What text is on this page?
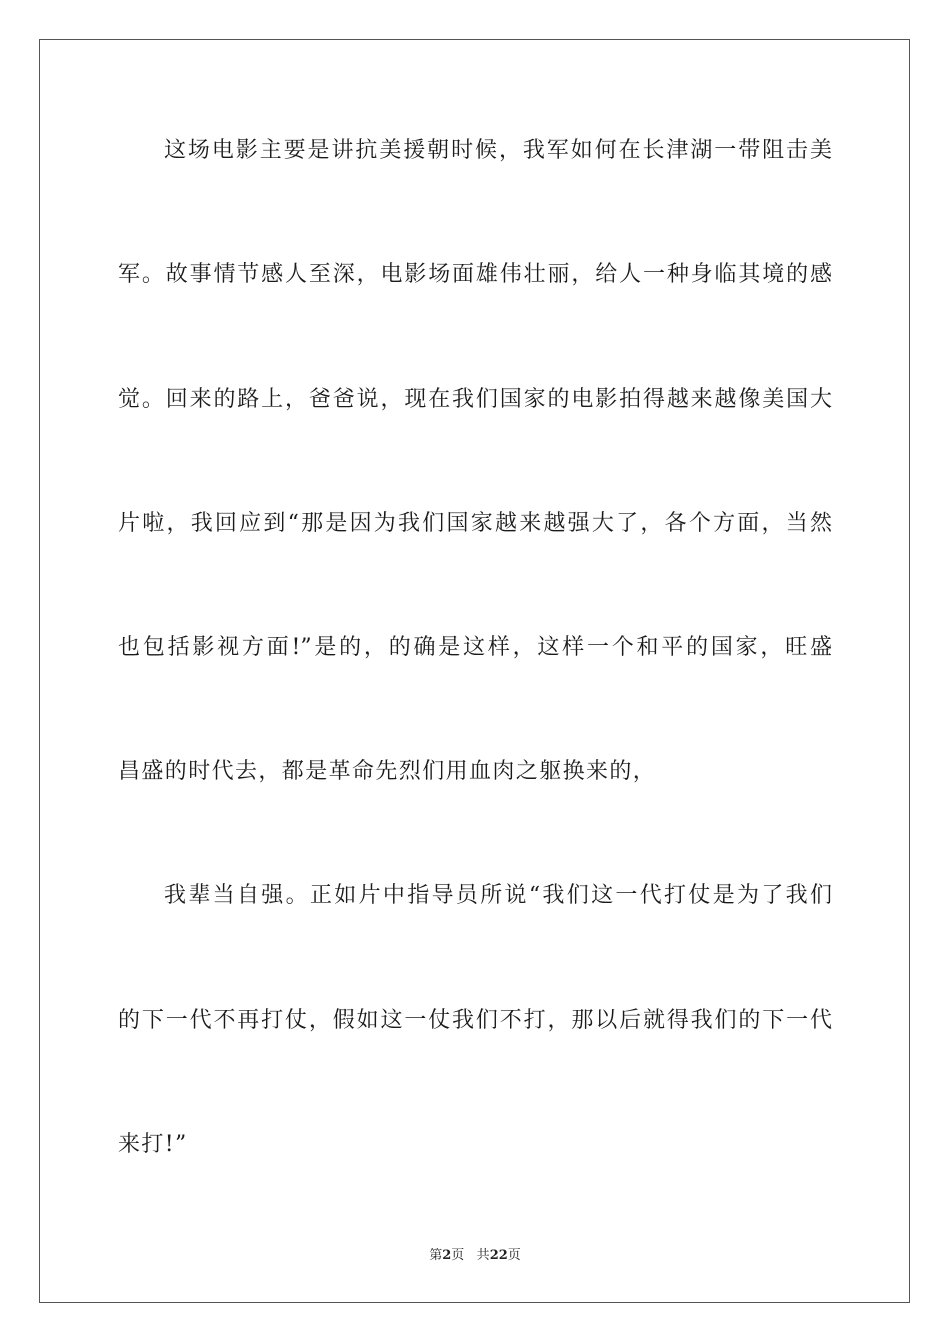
这场电影主要是讲抗美援朝时候，我军如何在长津湖一带阻击美
军。故事情节感人至深，电影场面雄伟壮丽，给人一种身临其境的感
觉。回来的路上，爸爸说，现在我们国家的电影拍得越来越像美国大
片啦，我回应到“那是因为我们国家越来越强大了，各个方面，当然
也包括影视方面!”是的，的确是这样，这样一个和平的国家，旺盛
昌盛的时代去，都是革命先烈们用血肉之躯换来的，
我辈当自强。正如片中指导员所说“我们这一代打仗是为了我们
的下一代不再打仗，假如这一仗我们不打，那以后就得我们的下一代
来打!”
第2页 共22页
